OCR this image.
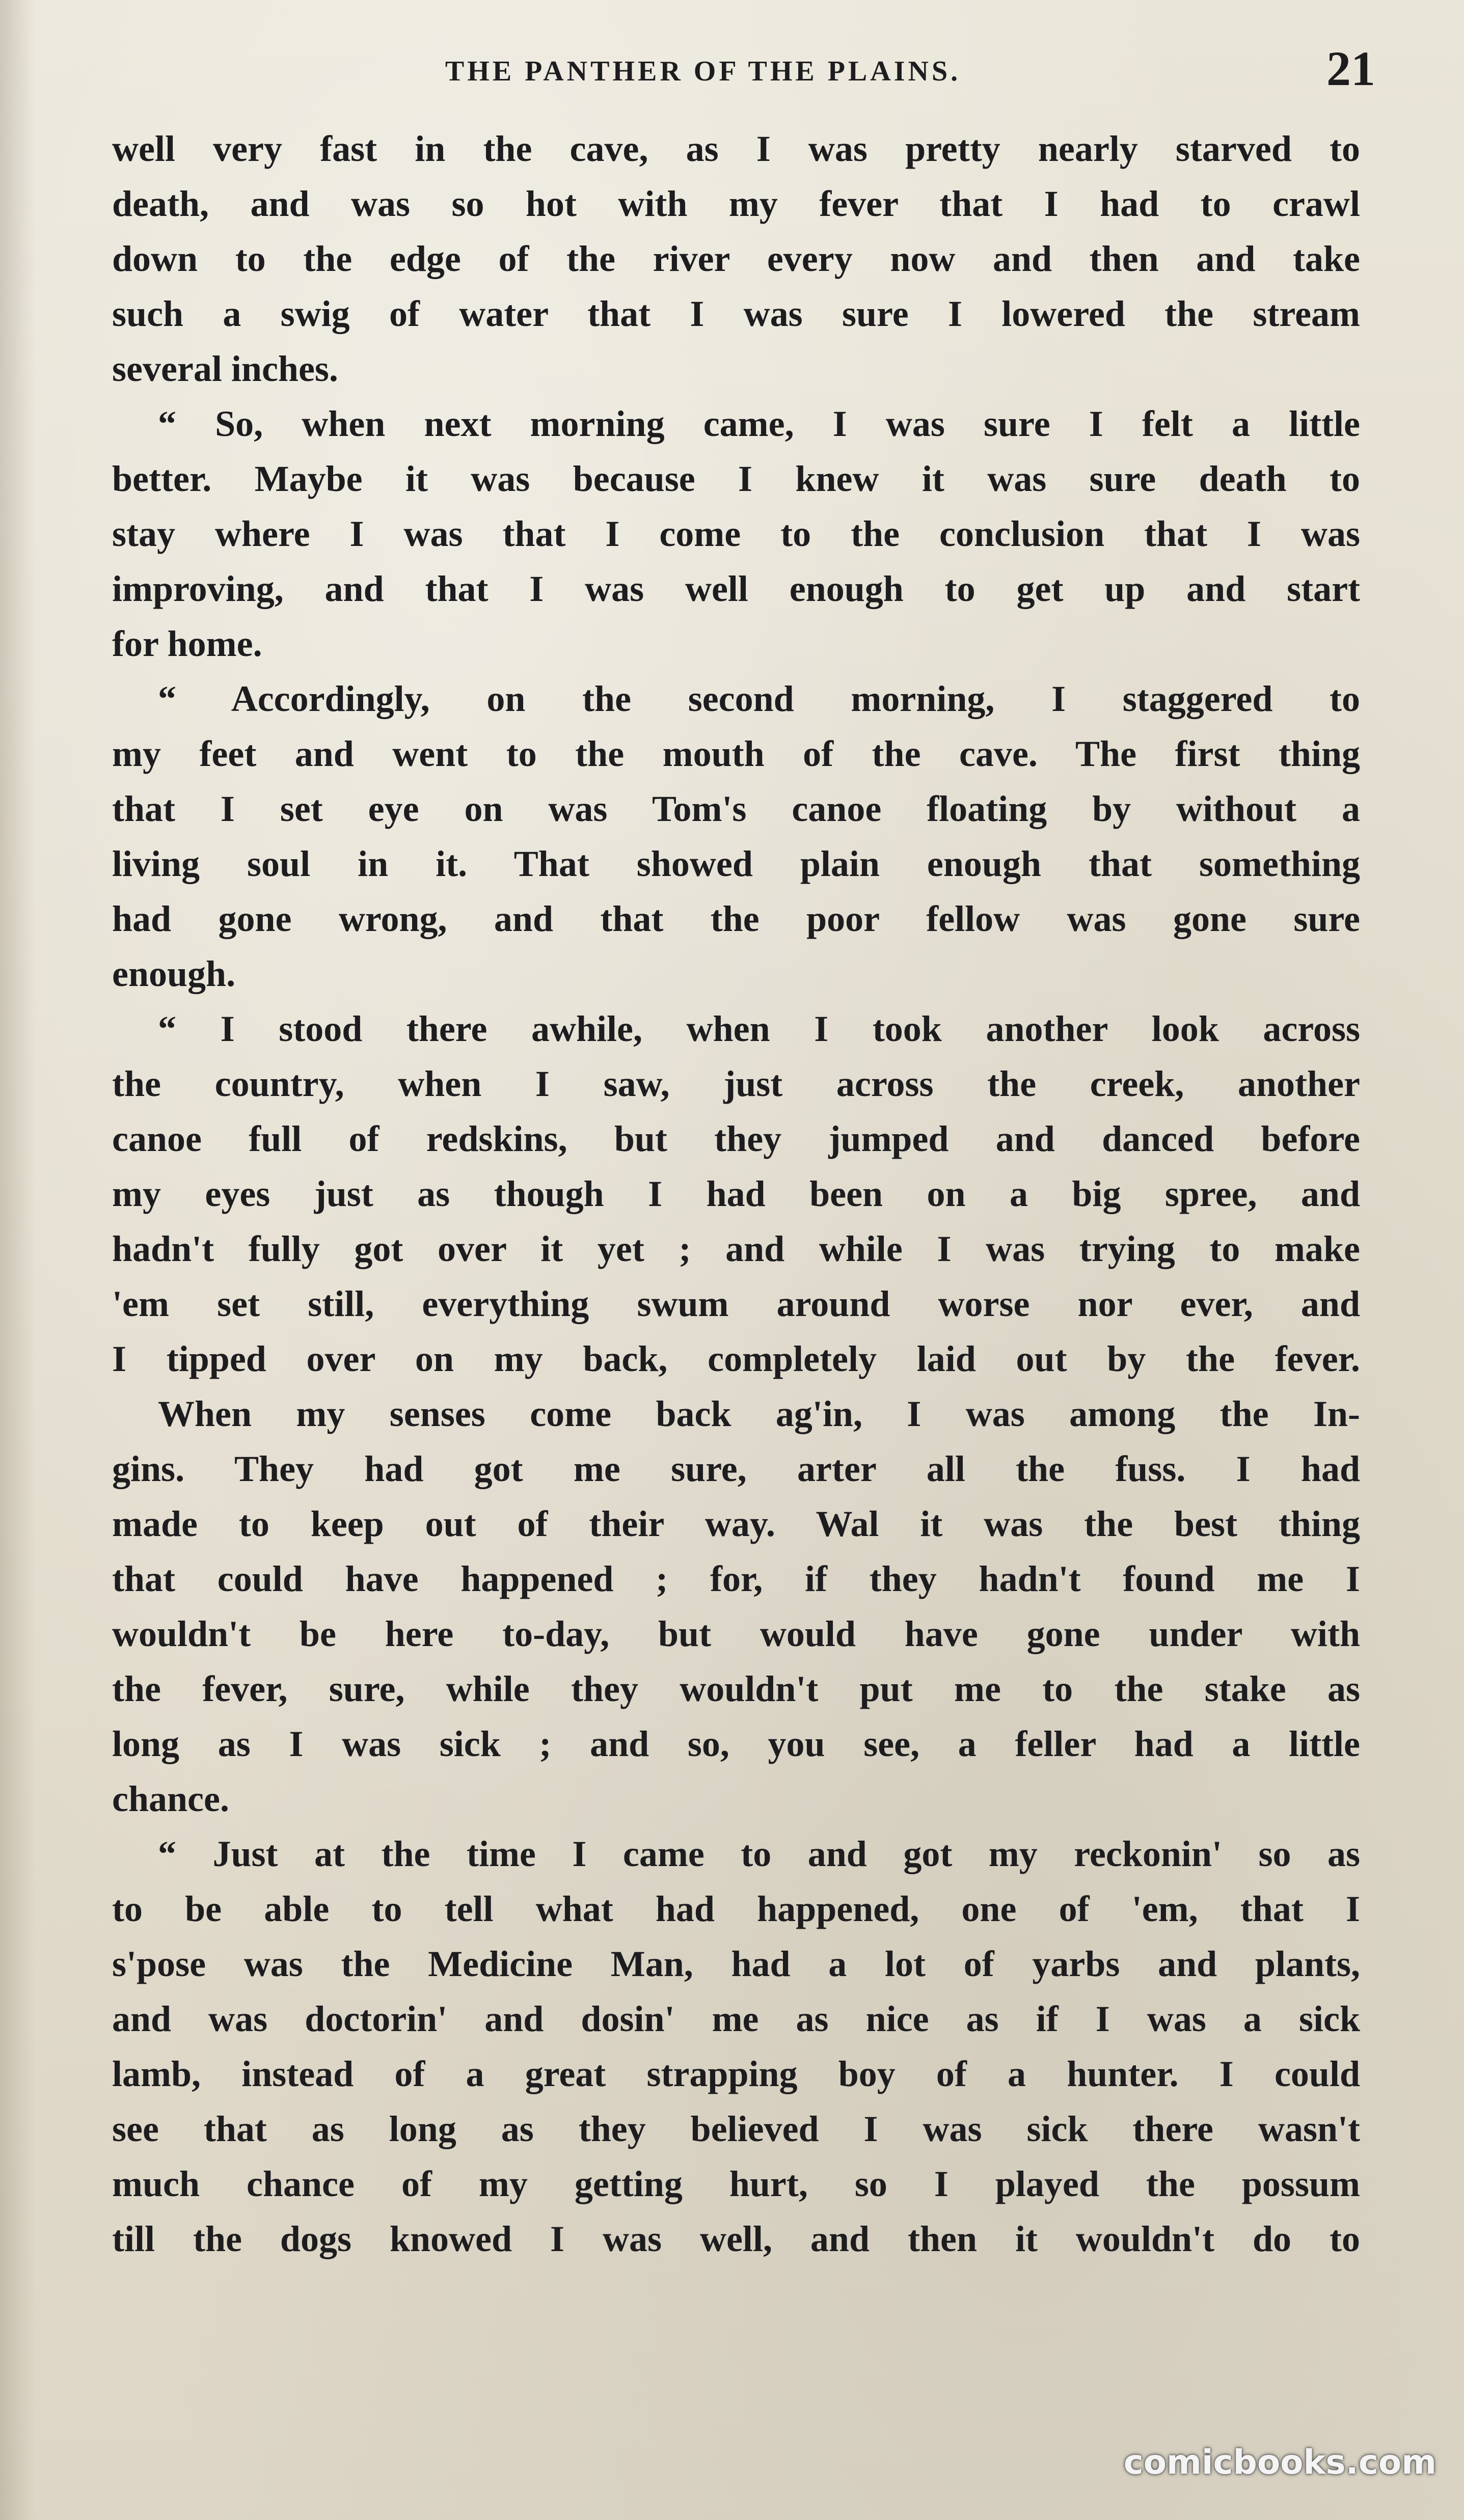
THE PANTHER OF THE PLAINS.	21
well very fast in the cave, as I was pretty nearly starved to
death, and was so hot with my fever that I had to crawl
down to the edge of the river every now and then and take
such a swig of water that I was sure I lowered the stream
several inches.
“ So, when next morning came, I was sure I felt a little
better. Maybe it was because I knew it was sure death to
stay where I was that I come to the conclusion that I was
improving, and that I was well enough to get up and start
for home.
“ Accordingly, on the second morning, I staggered to
my feet and went to the mouth of the cave. The first thing
that I set eye on was Tom's canoe floating by without a
living soul in it. That showed plain enough that something
had gone wrong, and that the poor fellow was gone sure
enough.
“ I stood there awhile, when I took another look across
the country, when I saw, just across the creek, another
canoe full of redskins, but they jumped and danced before
my eyes just as though I had been on a big spree, and
hadn't fully got over it yet ; and while I was trying to make
'em set still, everything swum around worse nor ever, and
I tipped over on my back, completely laid out by the fever.
When my senses come back ag'in, I was among the In-
gins. They had got me sure, arter all the fuss. I had
made to keep out of their way. Wal it was the best thing
that could have happened ; for, if they hadn't found me I
wouldn't be here to-day, but would have gone under with
the fever, sure, while they wouldn't put me to the stake as
long as I was sick ; and so, you see, a feller had a little
chance.
“ Just at the time I came to and got my reckonin' so as
to be able to tell what had happened, one of 'em, that I
s'pose was the Medicine Man, had a lot of yarbs and plants,
and was doctorin' and dosin' me as nice as if I was a sick
lamb, instead of a great strapping boy of a hunter. I could
see that as long as they believed I was sick there wasn't
much chance of my getting hurt, so I played the possum
till the dogs knowed I was well, and then it wouldn't do to
comicbooks.com
